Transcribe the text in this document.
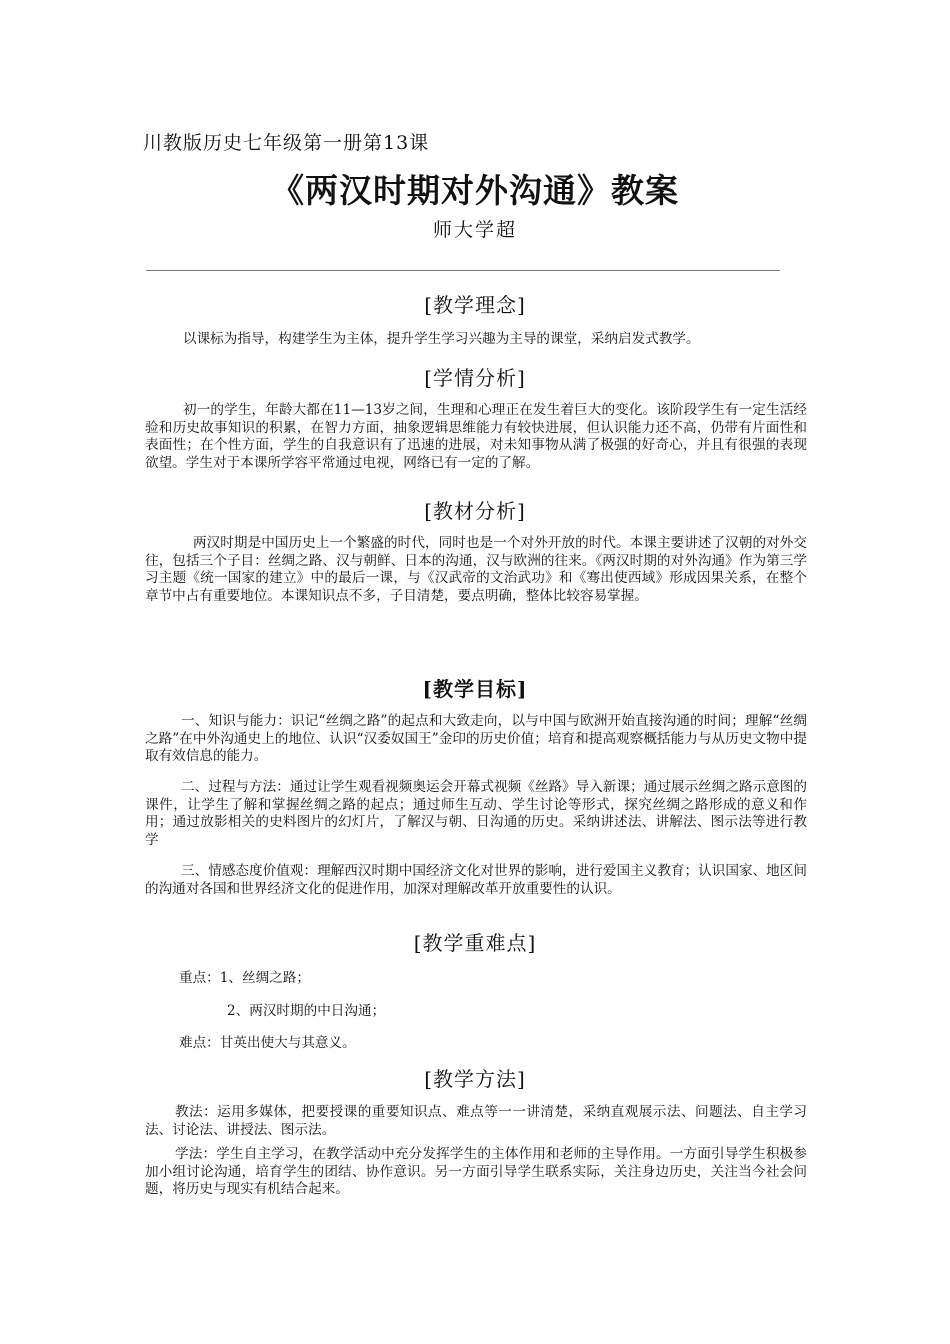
川教版历史七年级第一册第13课
《两汉时期对外沟通》教案
师大学超
[教学理念]

以课标为指导，构建学生为主体，提升学生学习兴趣为主导的课堂，采纳启发式教学。

[学情分析]

初一的学生，年龄大都在11—13岁之间，生理和心理正在发生着巨大的变化。该阶段学生有一定生活经验和历史故事知识的积累，在智力方面，抽象逻辑思维能力有较快进展，但认识能力还不高，仍带有片面性和表面性；在个性方面，学生的自我意识有了迅速的进展，对未知事物从满了极强的好奇心，并且有很强的表现欲望。学生对于本课所学容平常通过电视，网络已有一定的了解。

[教材分析]

两汉时期是中国历史上一个繁盛的时代，同时也是一个对外开放的时代。本课主要讲述了汉朝的对外交往，包括三个子目：丝绸之路、汉与朝鲜、日本的沟通，汉与欧洲的往来。《两汉时期的对外沟通》作为第三学习主题《统一国家的建立》中的最后一课，与《汉武帝的文治武功》和《骞出使西域》形成因果关系，在整个章节中占有重要地位。本课知识点不多，子目清楚，要点明确，整体比较容易掌握。

[教学目标]

一、知识与能力：识记“丝绸之路”的起点和大致走向，以与中国与欧洲开始直接沟通的时间；理解“丝绸之路”在中外沟通史上的地位、认识“汉委奴国王”金印的历史价值；培育和提高观察概括能力与从历史文物中提取有效信息的能力。

二、过程与方法：通过让学生观看视频奥运会开幕式视频《丝路》导入新课；通过展示丝绸之路示意图的课件，让学生了解和掌握丝绸之路的起点；通过师生互动、学生讨论等形式，探究丝绸之路形成的意义和作用；通过放影相关的史料图片的幻灯片，了解汉与朝、日沟通的历史。采纳讲述法、讲解法、图示法等进行教学

三、情感态度价值观：理解西汉时期中国经济文化对世界的影响，进行爱国主义教育；认识国家、地区间的沟通对各国和世界经济文化的促进作用，加深对理解改革开放重要性的认识。

[教学重难点]
重点：1、丝绸之路；
2、两汉时期的中日沟通；
难点：甘英出使大与其意义。
[教学方法]

教法：运用多媒体，把要授课的重要知识点、难点等一一讲清楚，采纳直观展示法、问题法、自主学习法、讨论法、讲授法、图示法。

学法：学生自主学习，在教学活动中充分发挥学生的主体作用和老师的主导作用。一方面引导学生积极参加小组讨论沟通，培育学生的团结、协作意识。另一方面引导学生联系实际，关注身边历史，关注当今社会问题，将历史与现实有机结合起来。
